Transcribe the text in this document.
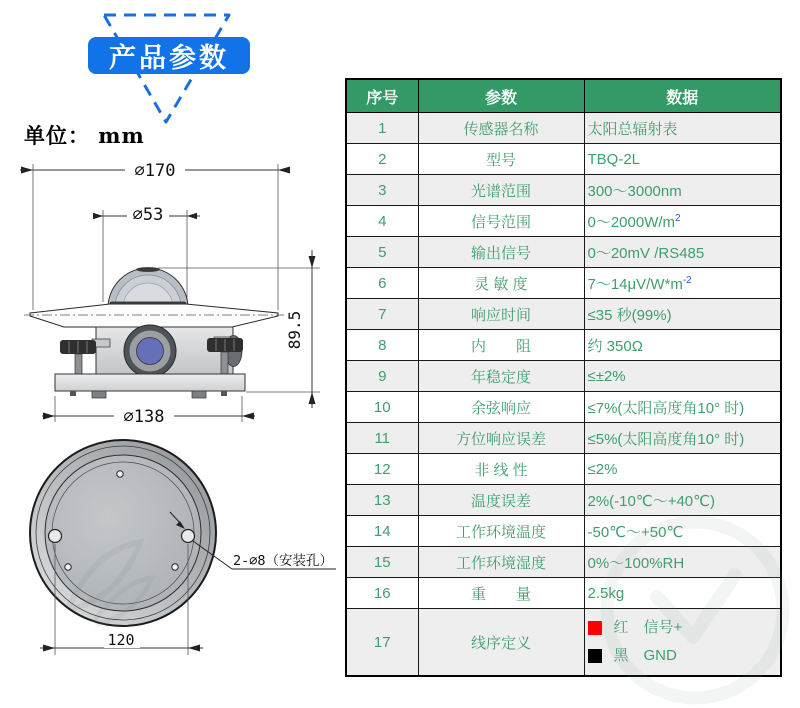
产品参数
单位： mm
∅170
∅53
89.5
∅138
2-∅8（安装孔）
120
序号	参数	数据
1	传感器名称	太阳总辐射表
2	型号	TBQ-2L
3	光谱范围	300～3000nm
4	信号范围	$0\sim 2000W/m^2$
5	输出信号	0～20mV /RS485
6	灵 敏 度	$7\sim 14\mu V/W*m^{-2}$
7	响应时间	≤35 秒(99%)
8	内　　阻	约 350Ω
9	年稳定度	≤±2%
10	余弦响应	≤7%(太阳高度角10° 时)
11	方位响应误差	≤5%(太阳高度角10° 时)
12	非 线 性	≤2%
13	温度误差	2%(-10℃～+40℃)
14	工作环境温度	-50℃～+50℃
15	工作环境湿度	0%～100%RH
16	重　　量	2.5kg
17	线序定义	红　信号+
黑　GND
